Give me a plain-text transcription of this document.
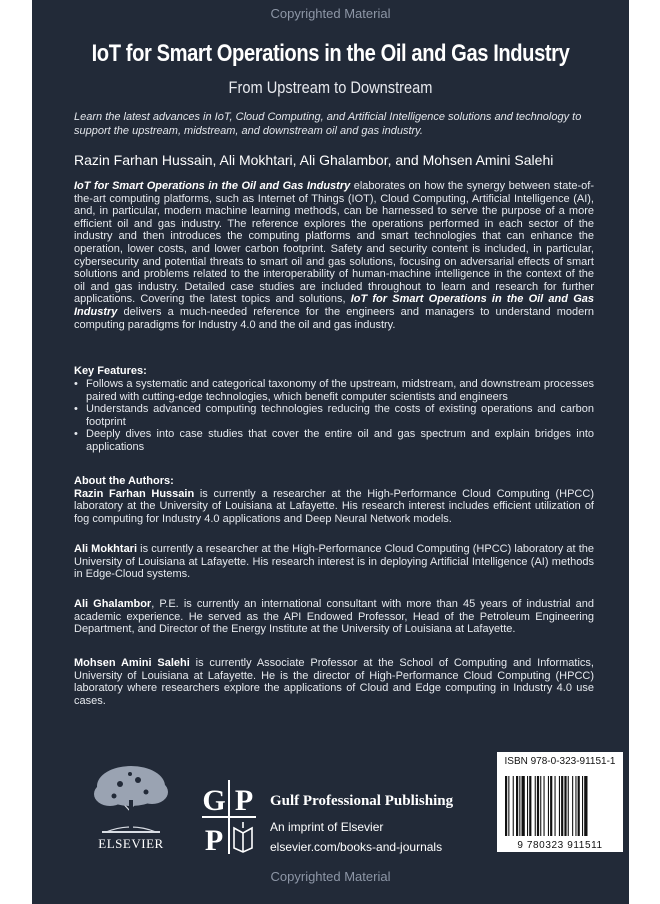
Copyrighted Material
IoT for Smart Operations in the Oil and Gas Industry
From Upstream to Downstream
Learn the latest advances in IoT, Cloud Computing, and Artificial Intelligence solutions and technology to support the upstream, midstream, and downstream oil and gas industry.
Razin Farhan Hussain, Ali Mokhtari, Ali Ghalambor, and Mohsen Amini Salehi
IoT for Smart Operations in the Oil and Gas Industry elaborates on how the synergy between state-of-the-art computing platforms, such as Internet of Things (IOT), Cloud Computing, Artificial Intelligence (AI), and, in particular, modern machine learning methods, can be harnessed to serve the purpose of a more efficient oil and gas industry. The reference explores the operations performed in each sector of the industry and then introduces the computing platforms and smart technologies that can enhance the operation, lower costs, and lower carbon footprint. Safety and security content is included, in particular, cybersecurity and potential threats to smart oil and gas solutions, focusing on adversarial effects of smart solutions and problems related to the interoperability of human-machine intelligence in the context of the oil and gas industry. Detailed case studies are included throughout to learn and research for further applications. Covering the latest topics and solutions, IoT for Smart Operations in the Oil and Gas Industry delivers a much-needed reference for the engineers and managers to understand modern computing paradigms for Industry 4.0 and the oil and gas industry.
Key Features:
• Follows a systematic and categorical taxonomy of the upstream, midstream, and downstream processes paired with cutting-edge technologies, which benefit computer scientists and engineers
• Understands advanced computing technologies reducing the costs of existing operations and carbon footprint
• Deeply dives into case studies that cover the entire oil and gas spectrum and explain bridges into applications
About the Authors:
Razin Farhan Hussain is currently a researcher at the High-Performance Cloud Computing (HPCC) laboratory at the University of Louisiana at Lafayette. His research interest includes efficient utilization of fog computing for Industry 4.0 applications and Deep Neural Network models.
Ali Mokhtari is currently a researcher at the High-Performance Cloud Computing (HPCC) laboratory at the University of Louisiana at Lafayette. His research interest is in deploying Artificial Intelligence (AI) methods in Edge-Cloud systems.
Ali Ghalambor, P.E. is currently an international consultant with more than 45 years of industrial and academic experience. He served as the API Endowed Professor, Head of the Petroleum Engineering Department, and Director of the Energy Institute at the University of Louisiana at Lafayette.
Mohsen Amini Salehi is currently Associate Professor at the School of Computing and Informatics, University of Louisiana at Lafayette. He is the director of High-Performance Cloud Computing (HPCC) laboratory where researchers explore the applications of Cloud and Edge computing in Industry 4.0 use cases.
ELSEVIER
G P
P
Gulf Professional Publishing
An imprint of Elsevier
elsevier.com/books-and-journals
ISBN 978-0-323-91151-1
9 780323 911511
Copyrighted Material
